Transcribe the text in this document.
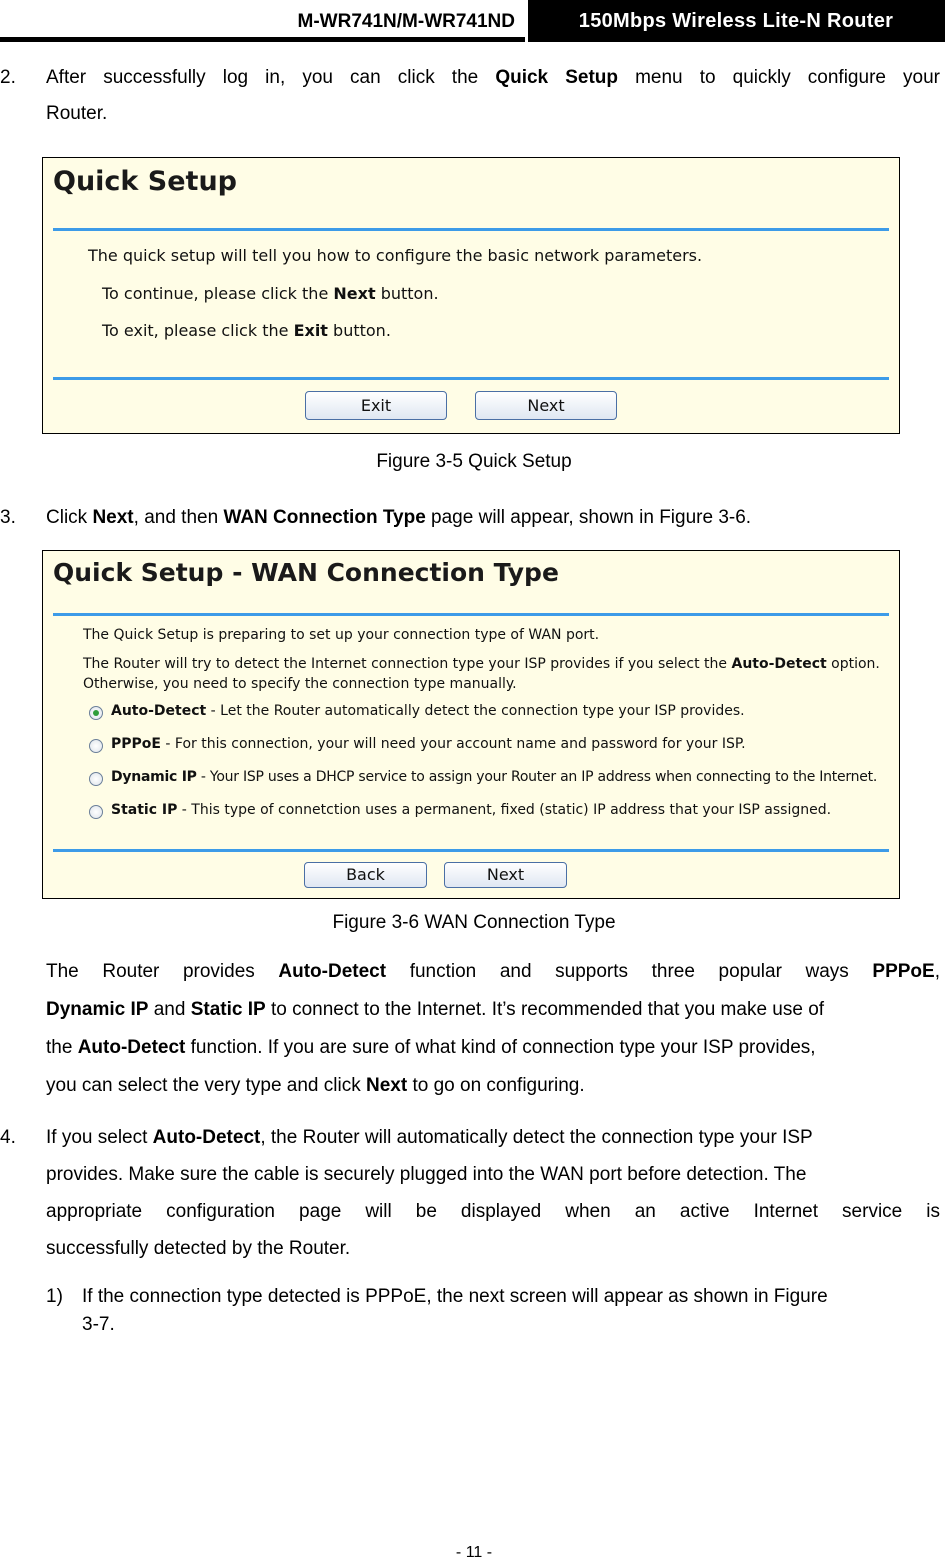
M-WR741N/M-WR741ND	150Mbps Wireless Lite-N Router
2. After successfully log in, you can click the Quick Setup menu to quickly configure your
Router.
Quick Setup
The quick setup will tell you how to configure the basic network parameters.
To continue, please click the Next button.
To exit, please click the Exit button.
Exit	Next
Figure 3-5 Quick Setup
3. Click Next, and then WAN Connection Type page will appear, shown in Figure 3-6.
Quick Setup - WAN Connection Type
The Quick Setup is preparing to set up your connection type of WAN port.
The Router will try to detect the Internet connection type your ISP provides if you select the Auto-Detect option.
Otherwise, you need to specify the connection type manually.
Auto-Detect - Let the Router automatically detect the connection type your ISP provides.
PPPoE - For this connection, your will need your account name and password for your ISP.
Dynamic IP - Your ISP uses a DHCP service to assign your Router an IP address when connecting to the Internet.
Static IP - This type of connetction uses a permanent, fixed (static) IP address that your ISP assigned.
Back	Next
Figure 3-6 WAN Connection Type
The Router provides Auto-Detect function and supports three popular ways PPPoE,
Dynamic IP and Static IP to connect to the Internet. It’s recommended that you make use of
the Auto-Detect function. If you are sure of what kind of connection type your ISP provides,
you can select the very type and click Next to go on configuring.
4. If you select Auto-Detect, the Router will automatically detect the connection type your ISP
provides. Make sure the cable is securely plugged into the WAN port before detection. The
appropriate configuration page will be displayed when an active Internet service is
successfully detected by the Router.
1) If the connection type detected is PPPoE, the next screen will appear as shown in Figure
3-7.
- 11 -
